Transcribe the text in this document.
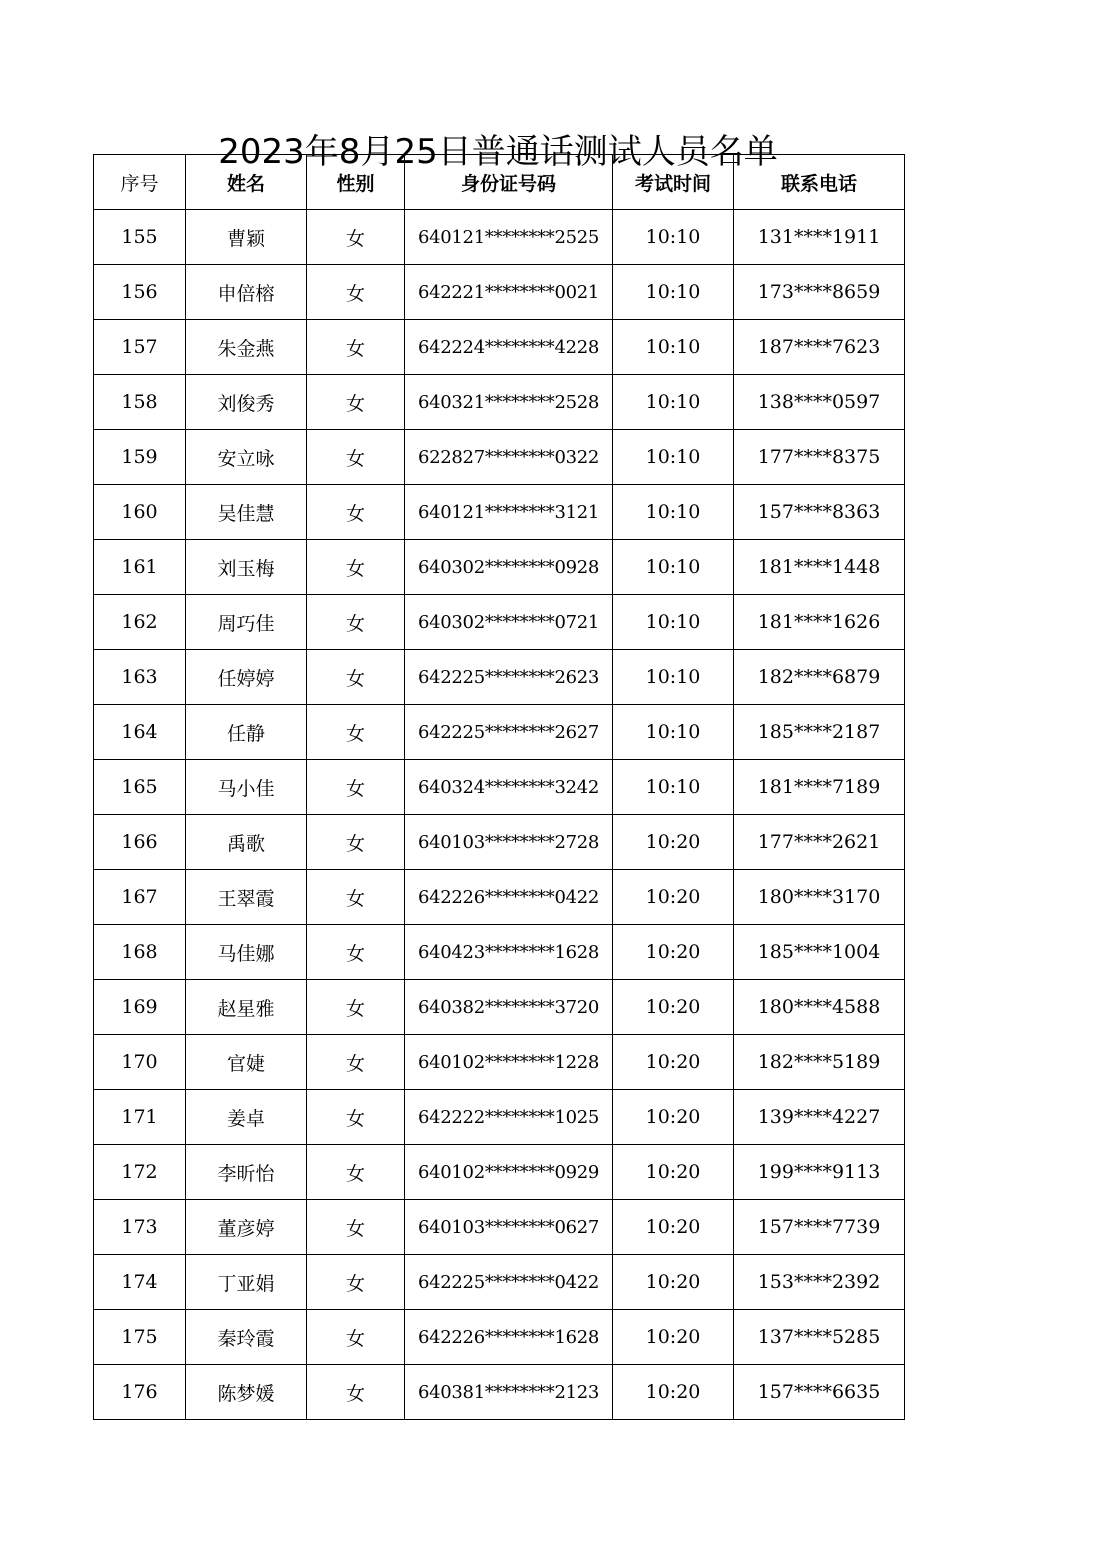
2023年8月25日普通话测试人员名单
序号	姓名	性别	身份证号码	考试时间	联系电话
155	曹颖	女	640121********2525	10:10	131****1911
156	申倍榕	女	642221********0021	10:10	173****8659
157	朱金燕	女	642224********4228	10:10	187****7623
158	刘俊秀	女	640321********2528	10:10	138****0597
159	安立咏	女	622827********0322	10:10	177****8375
160	吴佳慧	女	640121********3121	10:10	157****8363
161	刘玉梅	女	640302********0928	10:10	181****1448
162	周巧佳	女	640302********0721	10:10	181****1626
163	任婷婷	女	642225********2623	10:10	182****6879
164	任静	女	642225********2627	10:10	185****2187
165	马小佳	女	640324********3242	10:10	181****7189
166	禹歌	女	640103********2728	10:20	177****2621
167	王翠霞	女	642226********0422	10:20	180****3170
168	马佳娜	女	640423********1628	10:20	185****1004
169	赵星雅	女	640382********3720	10:20	180****4588
170	官婕	女	640102********1228	10:20	182****5189
171	姜卓	女	642222********1025	10:20	139****4227
172	李昕怡	女	640102********0929	10:20	199****9113
173	董彦婷	女	640103********0627	10:20	157****7739
174	丁亚娟	女	642225********0422	10:20	153****2392
175	秦玲霞	女	642226********1628	10:20	137****5285
176	陈梦媛	女	640381********2123	10:20	157****6635
